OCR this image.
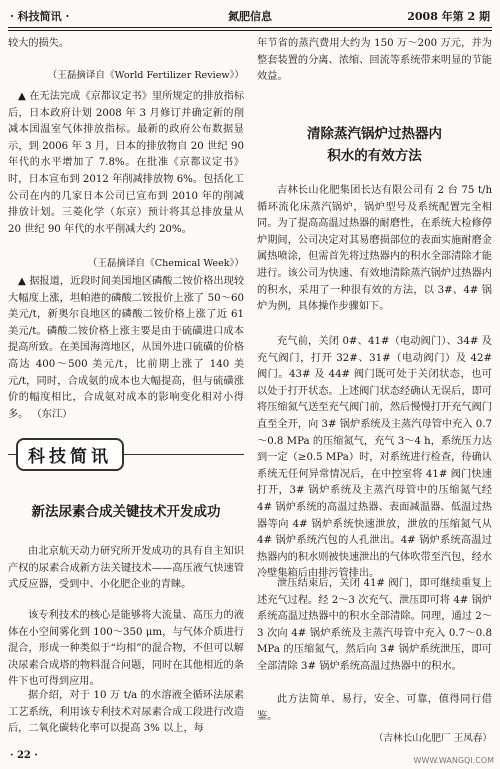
· 科技简讯 ·	氮肥信息	2008 年第 2 期
较大的损失。
（王磊摘译自《World Fertilizer Review》）
▲ 在无法完成《京都议定书》里所规定的排放指标后，日本政府计划 2008 年 3 月修订并确定新的削减本国温室气体排放指标。最新的政府公布数据显示，到 2006 年 3 月，日本的排放物自 20 世纪 90 年代的水平增加了 7.8%。在批准《京都议定书》时，日本宣布到 2012 年削减排放物 6%。包括化工公司在内的几家日本公司已宣布到 2010 年的削减排放计划。三菱化学（东京）预计将其总排放量从 20 世纪 90 年代的水平削减大约 20%。
（王磊摘译自《Chemical Week》）
▲ 据报道，近段时间美国地区磷酸二铵价格出现较大幅度上涨，坦帕港的磷酸二铵报价上涨了 50～60 美元/t，新奥尔良地区的磷酸二铵价格上涨了近 61 美元/t。磷酸二铵价格上涨主要是由于硫磺进口成本提高所致。在美国海湾地区，从国外进口硫磺的价格高达 400～500 美元/t，比前期上涨了 140 美元/t，同时，合成氨的成本也大幅提高，但与硫磺涨价的幅度相比，合成氨对成本的影响变化相对小得多。 （东江）
科技简讯
新法尿素合成关键技术开发成功
由北京航天动力研究所开发成功的具有自主知识产权的尿素合成新方法关键技术——高压液气快速管式反应器，受到中、小化肥企业的青睐。
该专利技术的核心是能够将大流量、高压力的液体在小空间雾化到 100～350 μm，与气体介质进行混合，形成一种类似于“均相”的混合物，不但可以解决尿素合成塔的物料混合问题，同时在其他相近的条件下也可得到应用。
据介绍，对于 10 万 t/a 的水溶液全循环法尿素工艺系统，利用该专利技术对尿素合成工段进行改造后，二氧化碳转化率可以提高 3% 以上，每
年节省的蒸汽费用大约为 150 万～200 万元，并为整套装置的分离、浓缩、回流等系统带来明显的节能效益。
清除蒸汽锅炉过热器内
积水的有效方法
吉林长山化肥集团长达有限公司有 2 台 75 t/h 循环流化床蒸汽锅炉，锅炉型号及系统配置完全相同。为了提高高温过热器的耐磨性，在系统大检修停炉期间，公司决定对其易磨损部位的表面实施耐磨金属热喷涂，但需首先将过热器内的积水全部清除才能进行。该公司为快速、有效地清除蒸汽锅炉过热器内的积水，采用了一种很有效的方法，以 3#、4# 锅炉为例，具体操作步骤如下。
充气前，关闭 0#、41#（电动阀门）、34# 及充气阀门，打开 32#、31#（电动阀门）及 42# 阀门。43# 及 44# 阀门既可处于关闭状态，也可以处于打开状态。上述阀门状态经确认无误后，即可将压缩氮气送至充气阀门前，然后慢慢打开充气阀门直至全开，向 3# 锅炉系统及主蒸汽母管中充入 0.7～0.8 MPa 的压缩氮气，充气 3～4 h，系统压力达到一定（≥0.5 MPa）时，对系统进行检查，待确认系统无任何异常情况后，在中控室将 41# 阀门快速打开，3# 锅炉系统及主蒸汽母管中的压缩氮气经 4# 锅炉系统的高温过热器、表面减温器、低温过热器等向 4# 锅炉系统快速泄放，泄放的压缩氮气从 4# 锅炉系统汽包的人孔泄出。4# 锅炉系统高温过热器内的积水则被快速泄出的气体吹带至汽包，经水冷壁集箱后由排污管排出。
泄压结束后，关闭 41# 阀门，即可继续重复上述充气过程。经 2～3 次充气、泄压即可将 4# 锅炉系统高温过热器中的积水全部清除。同理，通过 2～3 次向 4# 锅炉系统及主蒸汽母管中充入 0.7～0.8 MPa 的压缩氮气，然后向 3# 锅炉系统泄压，即可全部清除 3# 锅炉系统高温过热器中的积水。
此方法简单、易行，安全、可靠，值得同行借鉴。
（吉林长山化肥厂 王凤春）
· 22 ·	WWW.WANGQI.COM
